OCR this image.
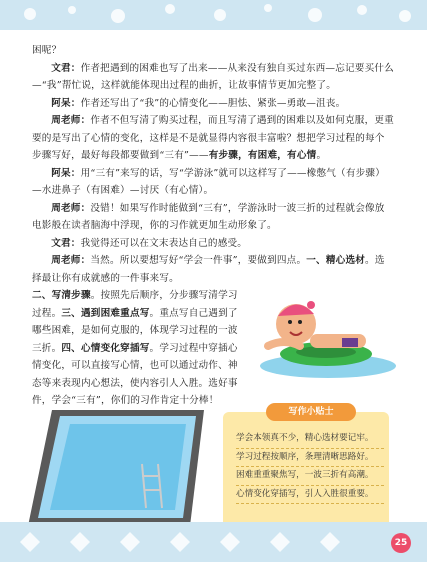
困呢？

文君：作者把遇到的困难也写了出来——从来没有独自买过东西—忘记要买什么—“我”帮忙说，这样就能体现出过程的曲折，让故事情节更加完整了。

阿呆：作者还写出了“我”的心情变化——胆怯、紧张—勇敢—沮丧。

周老师：作者不但写清了购买过程，而且写清了遇到的困难以及如何克服，更重要的是写出了心情的变化，这样是不是就显得内容很丰富啦？想把学习过程的每个步骤写好，最好每段都要做到“三有”——有步骤，有困难，有心情。

阿呆：用“三有”来写的话，写“学游泳”就可以这样写了——橡憋气（有步骤）—水进鼻子（有困难）—讨厌（有心情）。

周老师：没错！如果写作时能做到“三有”，学游泳时一波三折的过程就会像放电影般在读者脑海中浮现，你的习作就更加生动形象了。

文君：我觉得还可以在文末表达自己的感受。

周老师：当然。所以要想写好“学会一件事”，要做到四点。一、精心选材。选择最让你有成就感的一件事来写。

二、写清步骤。按照先后顺序，分步骤写清学习过程。三、遇到困难重点写。重点写自己遇到了哪些困难，是如何克服的，体现学习过程的一波三折。四、心情变化穿插写。学习过程中穿插心情变化，可以直接写心情，也可以通过动作、神态等来表现内心想法，使内容引人入胜。选好事件，学会“三有”，你们的习作肯定十分棒！

写作小贴士
学会本领真不少，精心选材要记牢。
学习过程按顺序，条理清晰思路好。
困难重重聚焦写，一波三折有高潮。
心情变化穿插写，引人入胜很重要。
25
